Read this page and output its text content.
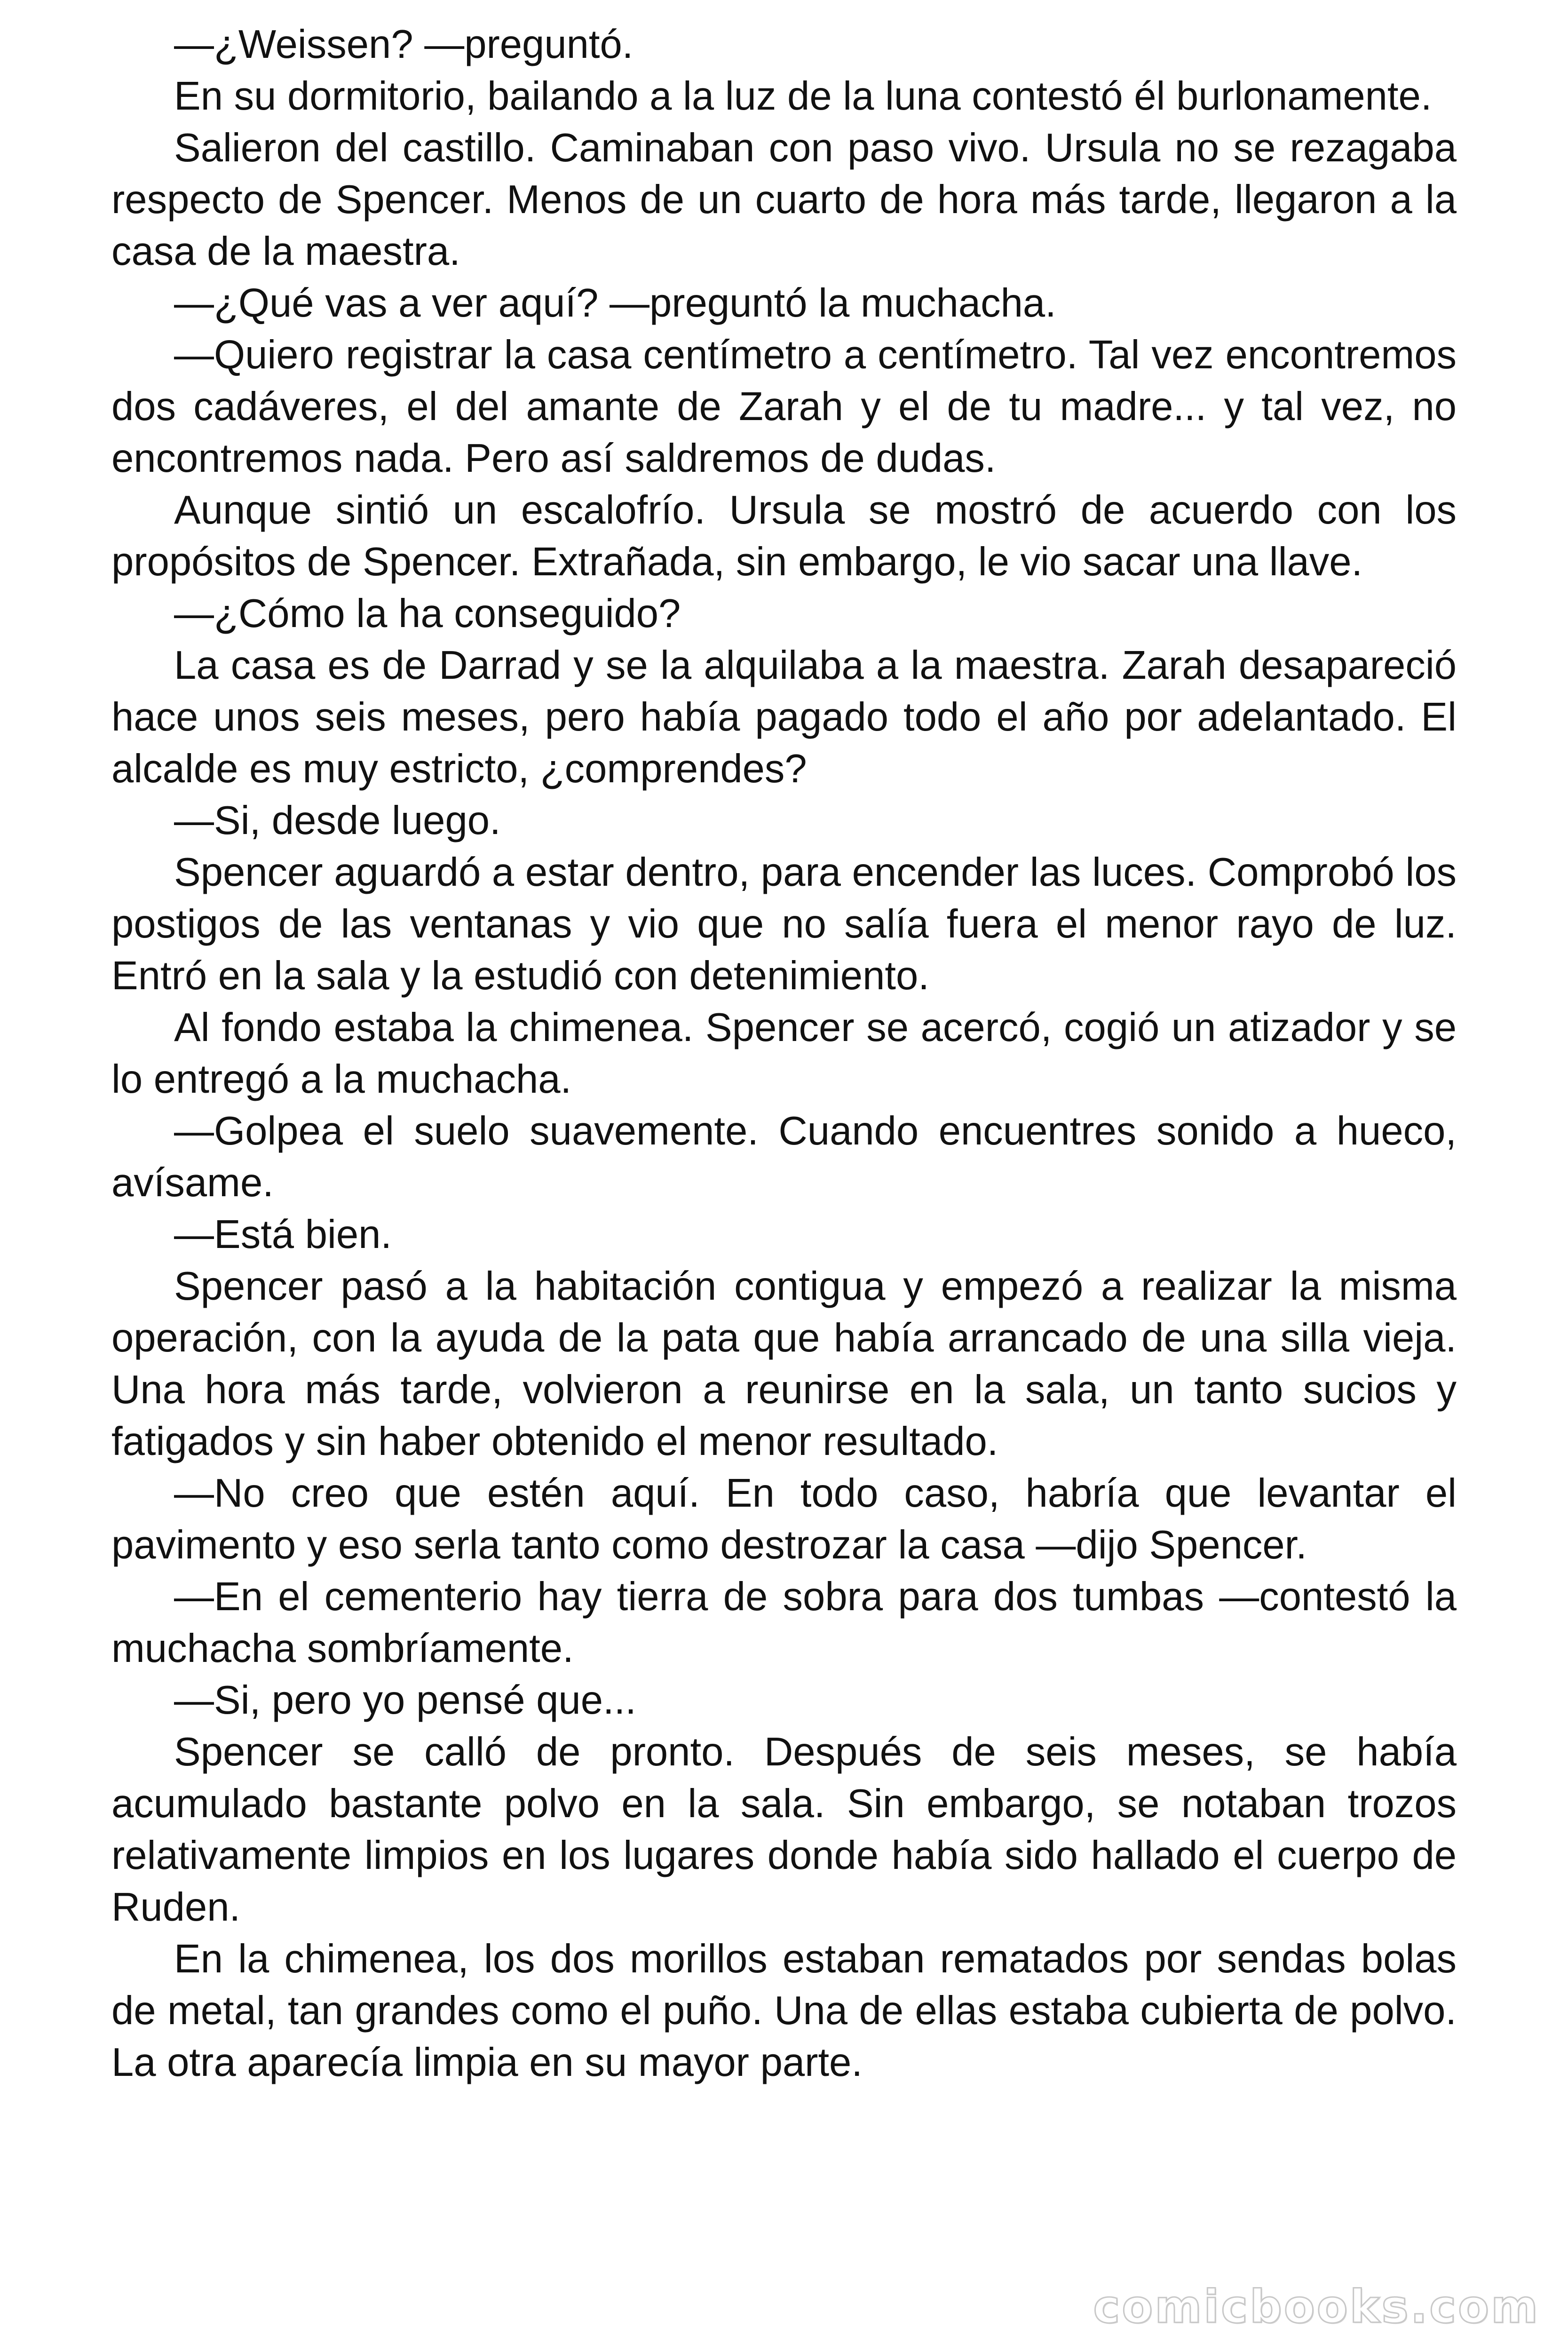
—¿Weissen? —preguntó.

En su dormitorio, bailando a la luz de la luna contestó él burlonamente.

Salieron del castillo. Caminaban con paso vivo. Ursula no se rezagaba respecto de Spencer. Menos de un cuarto de hora más tarde, llegaron a la casa de la maestra.

—¿Qué vas a ver aquí? —preguntó la muchacha.

—Quiero registrar la casa centímetro a centímetro. Tal vez encontremos dos cadáveres, el del amante de Zarah y el de tu madre... y tal vez, no encontremos nada. Pero así saldremos de dudas.

Aunque sintió un escalofrío. Ursula se mostró de acuerdo con los propósitos de Spencer. Extrañada, sin embargo, le vio sacar una llave.

—¿Cómo la ha conseguido?

La casa es de Darrad y se la alquilaba a la maestra. Zarah desapareció hace unos seis meses, pero había pagado todo el año por adelantado. El alcalde es muy estricto, ¿comprendes?

—Si, desde luego.

Spencer aguardó a estar dentro, para encender las luces. Comprobó los postigos de las ventanas y vio que no salía fuera el menor rayo de luz. Entró en la sala y la estudió con detenimiento.

Al fondo estaba la chimenea. Spencer se acercó, cogió un atizador y se lo entregó a la muchacha.

—Golpea el suelo suavemente. Cuando encuentres sonido a hueco, avísame.

—Está bien.

Spencer pasó a la habitación contigua y empezó a realizar la misma operación, con la ayuda de la pata que había arrancado de una silla vieja. Una hora más tarde, volvieron a reunirse en la sala, un tanto sucios y fatigados y sin haber obtenido el menor resultado.

—No creo que estén aquí. En todo caso, habría que levantar el pavimento y eso serla tanto como destrozar la casa —dijo Spencer.

—En el cementerio hay tierra de sobra para dos tumbas —contestó la muchacha sombríamente.

—Si, pero yo pensé que...

Spencer se calló de pronto. Después de seis meses, se había acumulado bastante polvo en la sala. Sin embargo, se notaban trozos relativamente limpios en los lugares donde había sido hallado el cuerpo de Ruden.

En la chimenea, los dos morillos estaban rematados por sendas bolas de metal, tan grandes como el puño. Una de ellas estaba cubierta de polvo. La otra aparecía limpia en su mayor parte.

comicbooks.com
